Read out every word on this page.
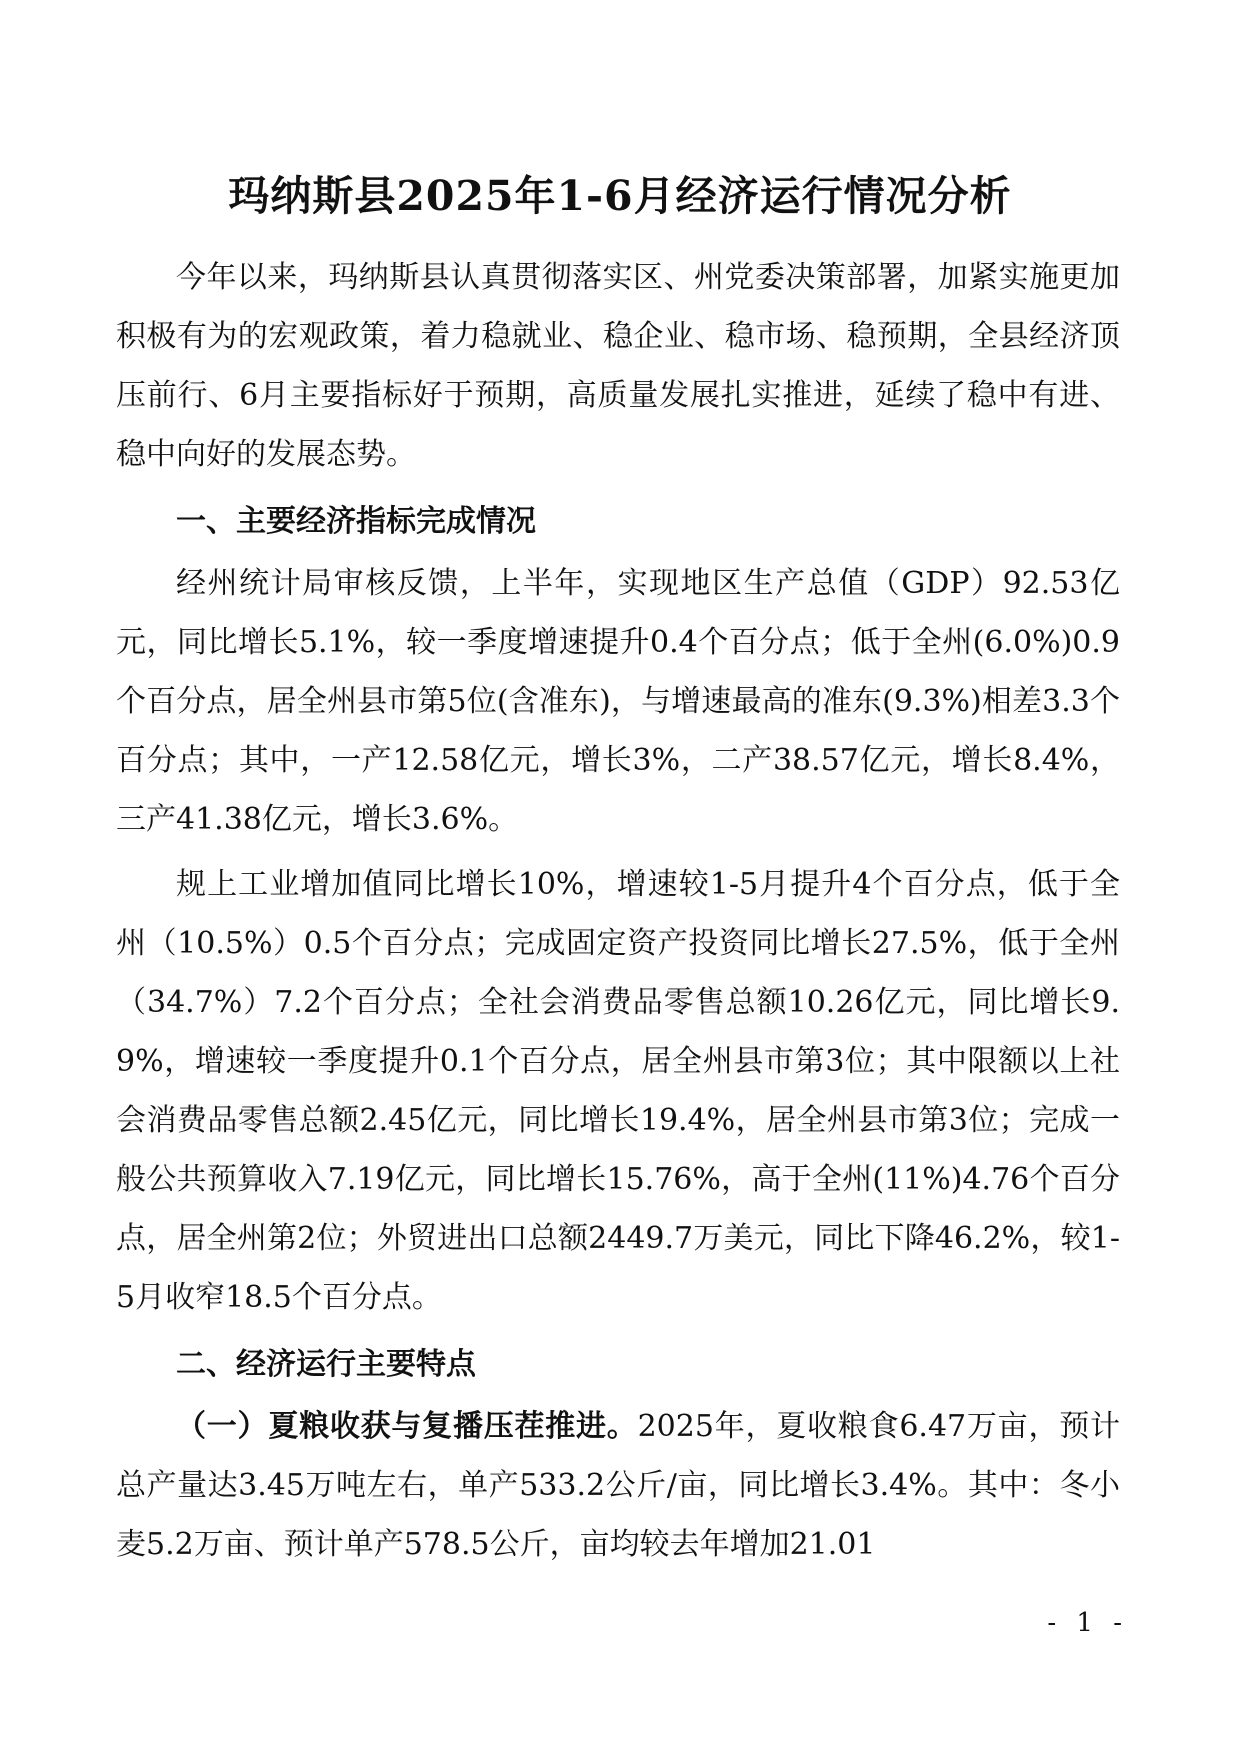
玛纳斯县2025年1-6月经济运行情况分析

今年以来，玛纳斯县认真贯彻落实区、州党委决策部署，加紧实施更加积极有为的宏观政策，着力稳就业、稳企业、稳市场、稳预期，全县经济顶压前行、6月主要指标好于预期，高质量发展扎实推进，延续了稳中有进、稳中向好的发展态势。

一、主要经济指标完成情况

经州统计局审核反馈，上半年，实现地区生产总值（GDP）92.53亿元，同比增长5.1%，较一季度增速提升0.4个百分点；低于全州(6.0%)0.9个百分点，居全州县市第5位(含准东)，与增速最高的准东(9.3%)相差3.3个百分点；其中，一产12.58亿元，增长3%，二产38.57亿元，增长8.4%，三产41.38亿元，增长3.6%。

规上工业增加值同比增长10%，增速较1-5月提升4个百分点，低于全州（10.5%）0.5个百分点；完成固定资产投资同比增长27.5%，低于全州（34.7%）7.2个百分点；全社会消费品零售总额10.26亿元，同比增长9.9%，增速较一季度提升0.1个百分点，居全州县市第3位；其中限额以上社会消费品零售总额2.45亿元，同比增长19.4%，居全州县市第3位；完成一般公共预算收入7.19亿元，同比增长15.76%，高于全州(11%)4.76个百分点，居全州第2位；外贸进出口总额2449.7万美元，同比下降46.2%，较1-5月收窄18.5个百分点。

二、经济运行主要特点

（一）夏粮收获与复播压茬推进。2025年，夏收粮食6.47万亩，预计总产量达3.45万吨左右，单产533.2公斤/亩，同比增长3.4%。其中：冬小麦5.2万亩、预计单产578.5公斤，亩均较去年增加21.01

- 1 -
